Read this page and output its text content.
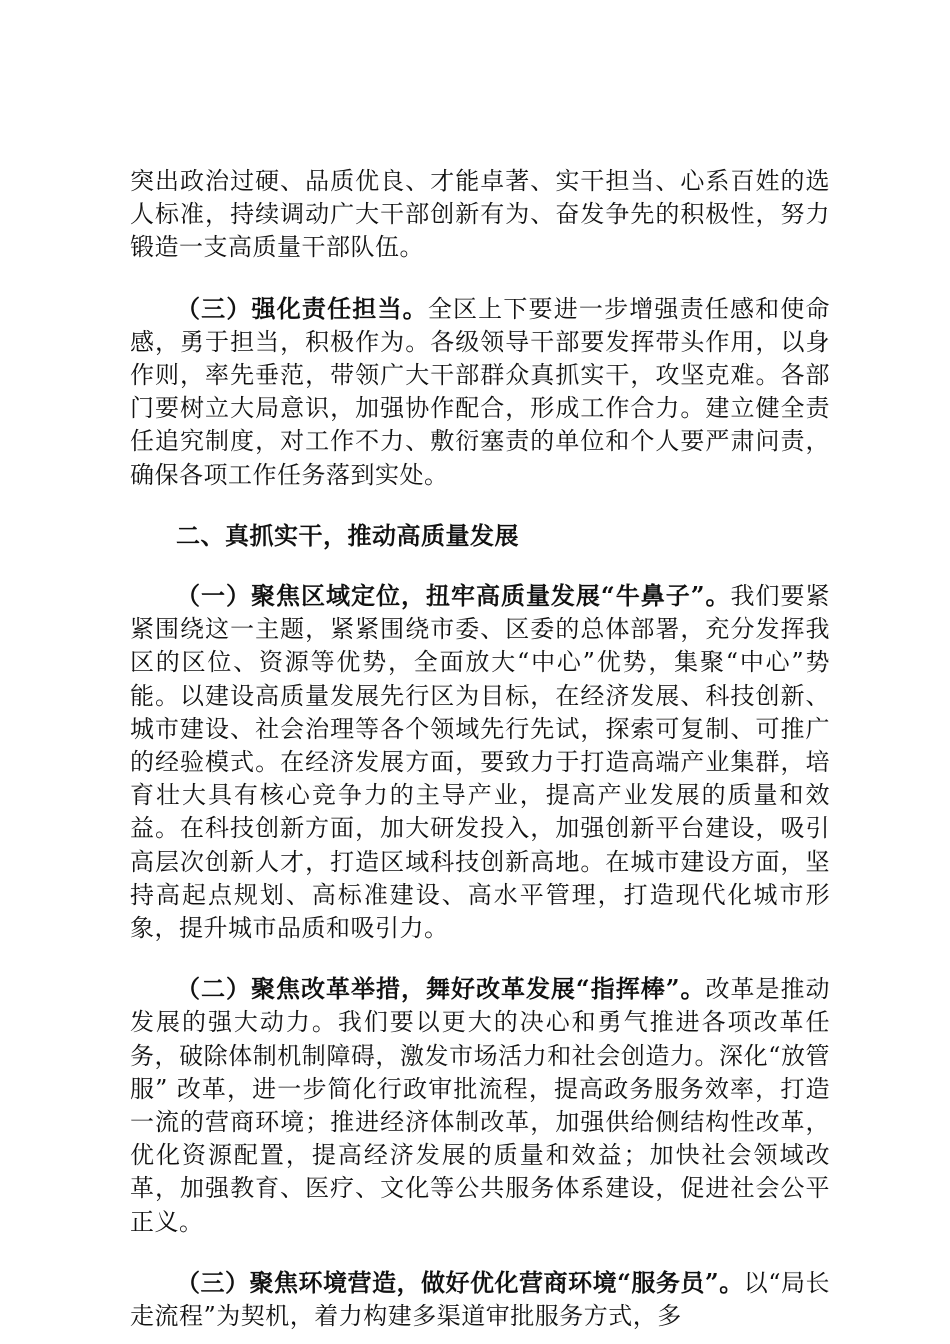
突出政治过硬、品质优良、才能卓著、实干担当、心系百姓的选人标准，持续调动广大干部创新有为、奋发争先的积极性，努力锻造一支高质量干部队伍。

（三）强化责任担当。全区上下要进一步增强责任感和使命感，勇于担当，积极作为。各级领导干部要发挥带头作用，以身作则，率先垂范，带领广大干部群众真抓实干，攻坚克难。各部门要树立大局意识，加强协作配合，形成工作合力。建立健全责任追究制度，对工作不力、敷衍塞责的单位和个人要严肃问责，确保各项工作任务落到实处。

二、真抓实干，推动高质量发展

（一）聚焦区域定位，扭牢高质量发展“牛鼻子”。我们要紧紧围绕这一主题，紧紧围绕市委、区委的总体部署，充分发挥我区的区位、资源等优势，全面放大“中心”优势，集聚“中心”势能。以建设高质量发展先行区为目标，在经济发展、科技创新、城市建设、社会治理等各个领域先行先试，探索可复制、可推广的经验模式。在经济发展方面，要致力于打造高端产业集群，培育壮大具有核心竞争力的主导产业，提高产业发展的质量和效益。在科技创新方面，加大研发投入，加强创新平台建设，吸引高层次创新人才，打造区域科技创新高地。在城市建设方面，坚持高起点规划、高标准建设、高水平管理，打造现代化城市形象，提升城市品质和吸引力。

（二）聚焦改革举措，舞好改革发展“指挥棒”。改革是推动发展的强大动力。我们要以更大的决心和勇气推进各项改革任务，破除体制机制障碍，激发市场活力和社会创造力。深化“放管服” 改革，进一步简化行政审批流程，提高政务服务效率，打造一流的营商环境；推进经济体制改革，加强供给侧结构性改革，优化资源配置，提高经济发展的质量和效益；加快社会领域改革，加强教育、医疗、文化等公共服务体系建设，促进社会公平正义。

（三）聚焦环境营造，做好优化营商环境“服务员”。以“局长走流程”为契机，着力构建多渠道审批服务方式，多
